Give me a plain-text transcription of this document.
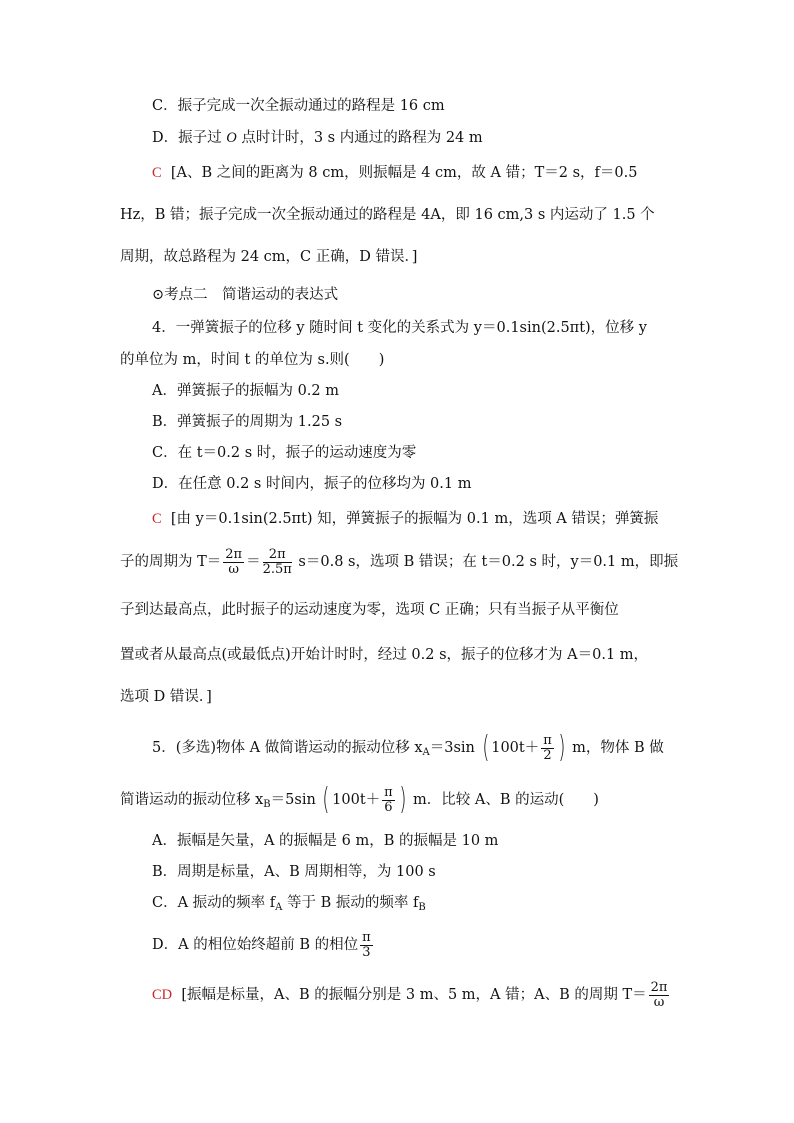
C．振子完成一次全振动通过的路程是 16 cm
D．振子过 O 点时计时，3 s 内通过的路程为 24 m
C [A、B 之间的距离为 8 cm，则振幅是 4 cm，故 A 错；T＝2 s，f＝0.5
Hz，B 错；振子完成一次全振动通过的路程是 4A，即 16 cm,3 s 内运动了 1.5 个
周期，故总路程为 24 cm，C 正确，D 错误．]
⊙考点二　简谐运动的表达式
4．一弹簧振子的位移 y 随时间 t 变化的关系式为 y＝0.1sin(2.5πt)，位移 y
的单位为 m，时间 t 的单位为 s.则(　　)
A．弹簧振子的振幅为 0.2 m
B．弹簧振子的周期为 1.25 s
C．在 t＝0.2 s 时，振子的运动速度为零
D．在任意 0.2 s 时间内，振子的位移均为 0.1 m
C [由 y＝0.1sin(2.5πt) 知，弹簧振子的振幅为 0.1 m，选项 A 错误；弹簧振
子的周期为 $T= \frac{2\pi}{\omega} = \frac{2\pi}{2.5\pi} s=0.8$ s，选项 B 错误；在 t＝0.2 s 时，y＝0.1 m，即振
子到达最高点，此时振子的运动速度为零，选项 C 正确；只有当振子从平衡位
置或者从最高点(或最低点)开始计时时，经过 0.2 s，振子的位移才为 A＝0.1 m，
选项 D 错误．]
5．(多选)物体 A 做简谐运动的振动位移 $x_A=3\sin$ ( $100t+ \frac{\pi}{2}$ ) m，物体 B 做
简谐运动的振动位移 $x_B=5\sin$ ( $100t+ \frac{\pi}{6}$ ) m．比较 A、B 的运动(　　)
A．振幅是矢量，A 的振幅是 6 m，B 的振幅是 10 m
B．周期是标量，A、B 周期相等，为 100 s
C．A 振动的频率 $f_A$ 等于 B 振动的频率 $f_B$
D．A 的相位始终超前 B 的相位 $\frac{\pi}{3}$
CD [振幅是标量，A、B 的振幅分别是 3 m、5 m，A 错；A、B 的周期 $T= \frac{2\pi}{\omega}$
